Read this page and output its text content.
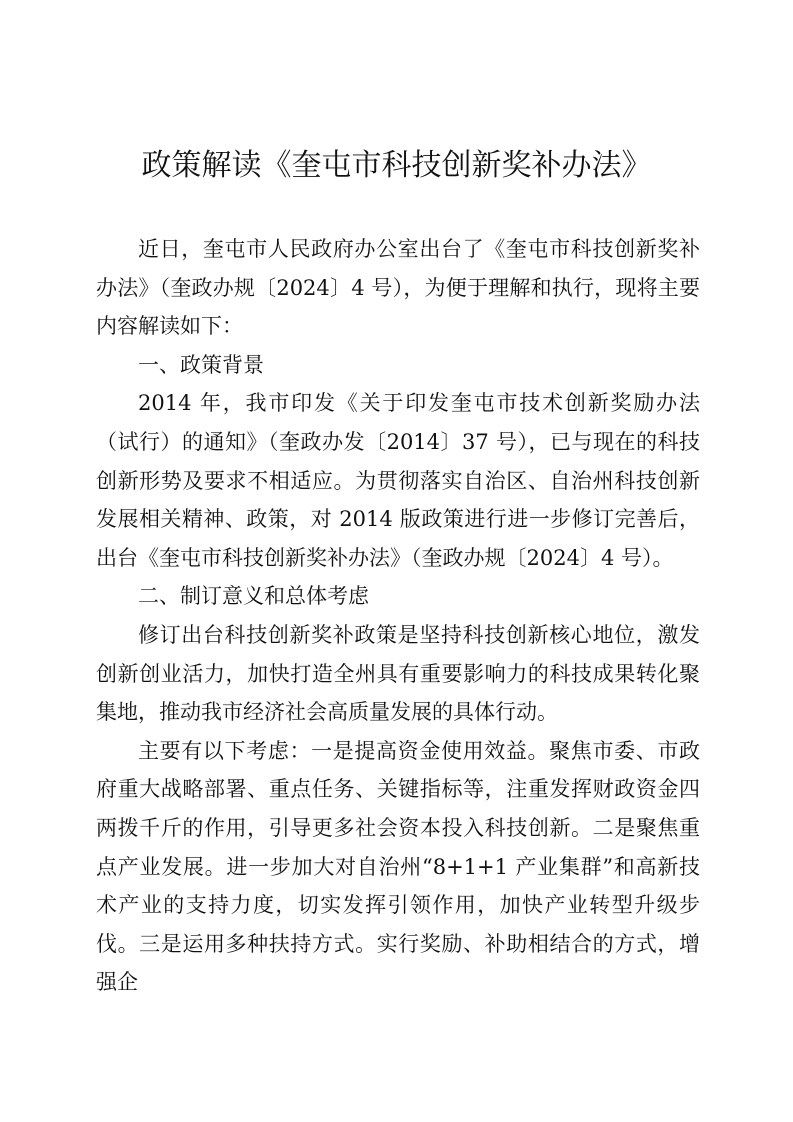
政策解读《奎屯市科技创新奖补办法》

近日，奎屯市人民政府办公室出台了《奎屯市科技创新奖补办法》（奎政办规〔2024〕4 号），为便于理解和执行，现将主要内容解读如下：

一、政策背景

2014 年，我市印发《关于印发奎屯市技术创新奖励办法（试行）的通知》（奎政办发〔2014〕37 号），已与现在的科技创新形势及要求不相适应。为贯彻落实自治区、自治州科技创新发展相关精神、政策，对 2014 版政策进行进一步修订完善后，出台《奎屯市科技创新奖补办法》（奎政办规〔2024〕4 号）。

二、制订意义和总体考虑

修订出台科技创新奖补政策是坚持科技创新核心地位，激发创新创业活力，加快打造全州具有重要影响力的科技成果转化聚集地，推动我市经济社会高质量发展的具体行动。

主要有以下考虑：一是提高资金使用效益。聚焦市委、市政府重大战略部署、重点任务、关键指标等，注重发挥财政资金四两拨千斤的作用，引导更多社会资本投入科技创新。二是聚焦重点产业发展。进一步加大对自治州“8+1+1 产业集群”和高新技术产业的支持力度，切实发挥引领作用，加快产业转型升级步伐。三是运用多种扶持方式。实行奖励、补助相结合的方式，增强企
